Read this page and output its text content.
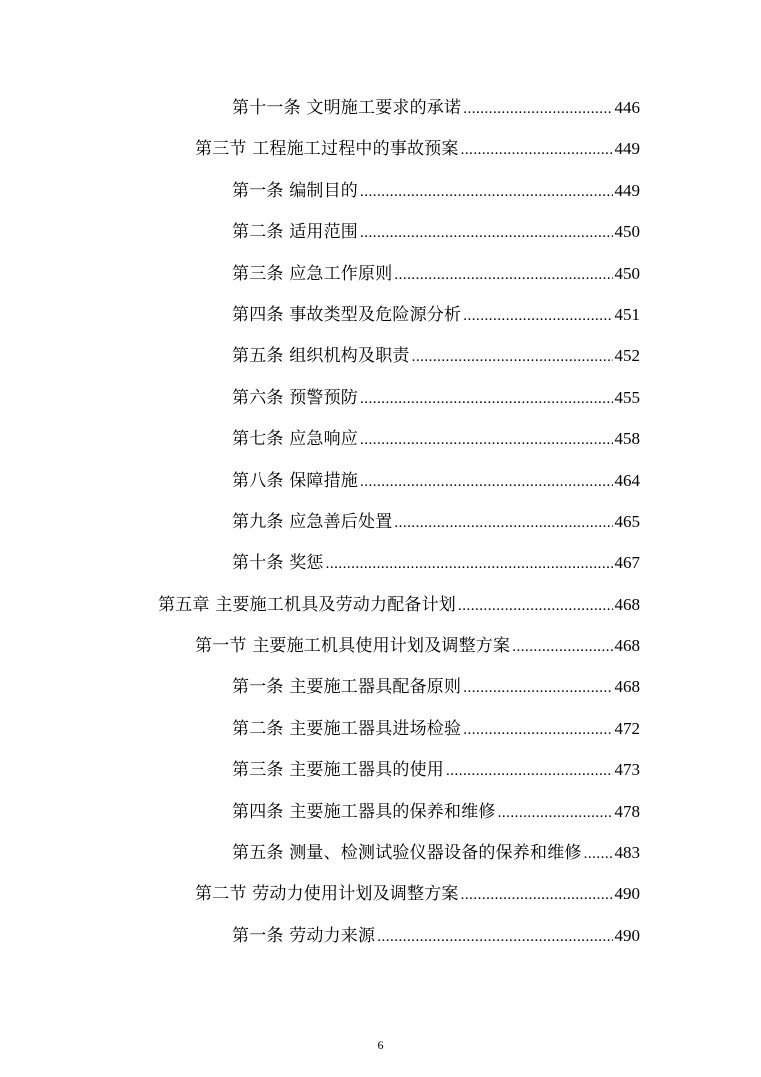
第十一条 文明施工要求的承诺 .....	446
第三节 工程施工过程中的事故预案 .....	449
第一条 编制目的 .....	449
第二条 适用范围 .....	450
第三条 应急工作原则 .....	450
第四条 事故类型及危险源分析 .....	451
第五条 组织机构及职责 .....	452
第六条 预警预防 .....	455
第七条 应急响应 .....	458
第八条 保障措施 .....	464
第九条 应急善后处置 .....	465
第十条 奖惩 .....	467
第五章 主要施工机具及劳动力配备计划 .....	468
第一节 主要施工机具使用计划及调整方案 .....	468
第一条 主要施工器具配备原则 .....	468
第二条 主要施工器具进场检验 .....	472
第三条 主要施工器具的使用 .....	473
第四条 主要施工器具的保养和维修 .....	478
第五条 测量、检测试验仪器设备的保养和维修 ..... 483
第二节 劳动力使用计划及调整方案 .....	490
第一条 劳动力来源 .....	490
6
